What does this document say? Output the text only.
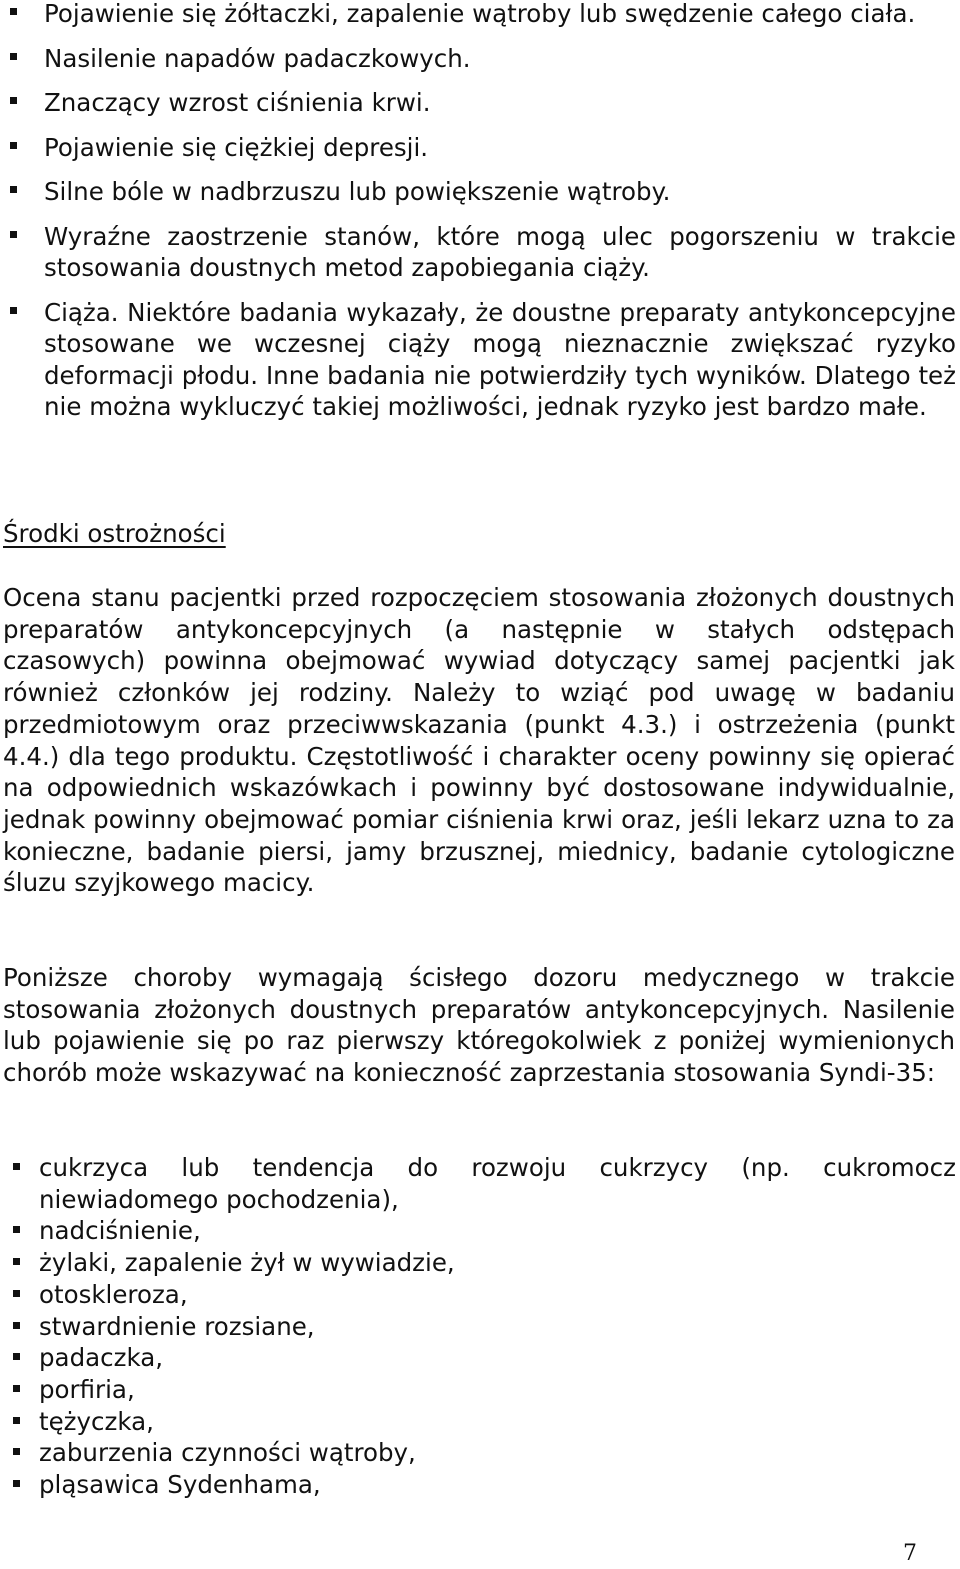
Pojawienie się żółtaczki, zapalenie wątroby lub swędzenie całego ciała.
Nasilenie napadów padaczkowych.
Znaczący wzrost ciśnienia krwi.
Pojawienie się ciężkiej depresji.
Silne bóle w nadbrzuszu lub powiększenie wątroby.
Wyraźne zaostrzenie stanów, które mogą ulec pogorszeniu w trakcie stosowania doustnych metod zapobiegania ciąży.
Ciąża. Niektóre badania wykazały, że doustne preparaty antykoncepcyjne stosowane we wczesnej ciąży mogą nieznacznie zwiększać ryzyko deformacji płodu. Inne badania nie potwierdziły tych wyników. Dlatego też nie można wykluczyć takiej możliwości, jednak ryzyko jest bardzo małe.
Środki ostrożności

Ocena stanu pacjentki przed rozpoczęciem stosowania złożonych doustnych preparatów antykoncepcyjnych (a następnie w stałych odstępach czasowych) powinna obejmować wywiad dotyczący samej pacjentki jak również członków jej rodziny. Należy to wziąć pod uwagę w badaniu przedmiotowym oraz przeciwwskazania (punkt 4.3.) i ostrzeżenia (punkt 4.4.) dla tego produktu. Częstotliwość i charakter oceny powinny się opierać na odpowiednich wskazówkach i powinny być dostosowane indywidualnie, jednak powinny obejmować pomiar ciśnienia krwi oraz, jeśli lekarz uzna to za konieczne, badanie piersi, jamy brzusznej, miednicy, badanie cytologiczne śluzu szyjkowego macicy.

Poniższe choroby wymagają ścisłego dozoru medycznego w trakcie stosowania złożonych doustnych preparatów antykoncepcyjnych. Nasilenie lub pojawienie się po raz pierwszy któregokolwiek z poniżej wymienionych chorób może wskazywać na konieczność zaprzestania stosowania Syndi-35:

cukrzyca lub tendencja do rozwoju cukrzycy (np. cukromocz niewiadomego pochodzenia),
nadciśnienie,
żylaki, zapalenie żył w wywiadzie,
otoskleroza,
stwardnienie rozsiane,
padaczka,
porfiria,
tężyczka,
zaburzenia czynności wątroby,
pląsawica Sydenhama,
7
